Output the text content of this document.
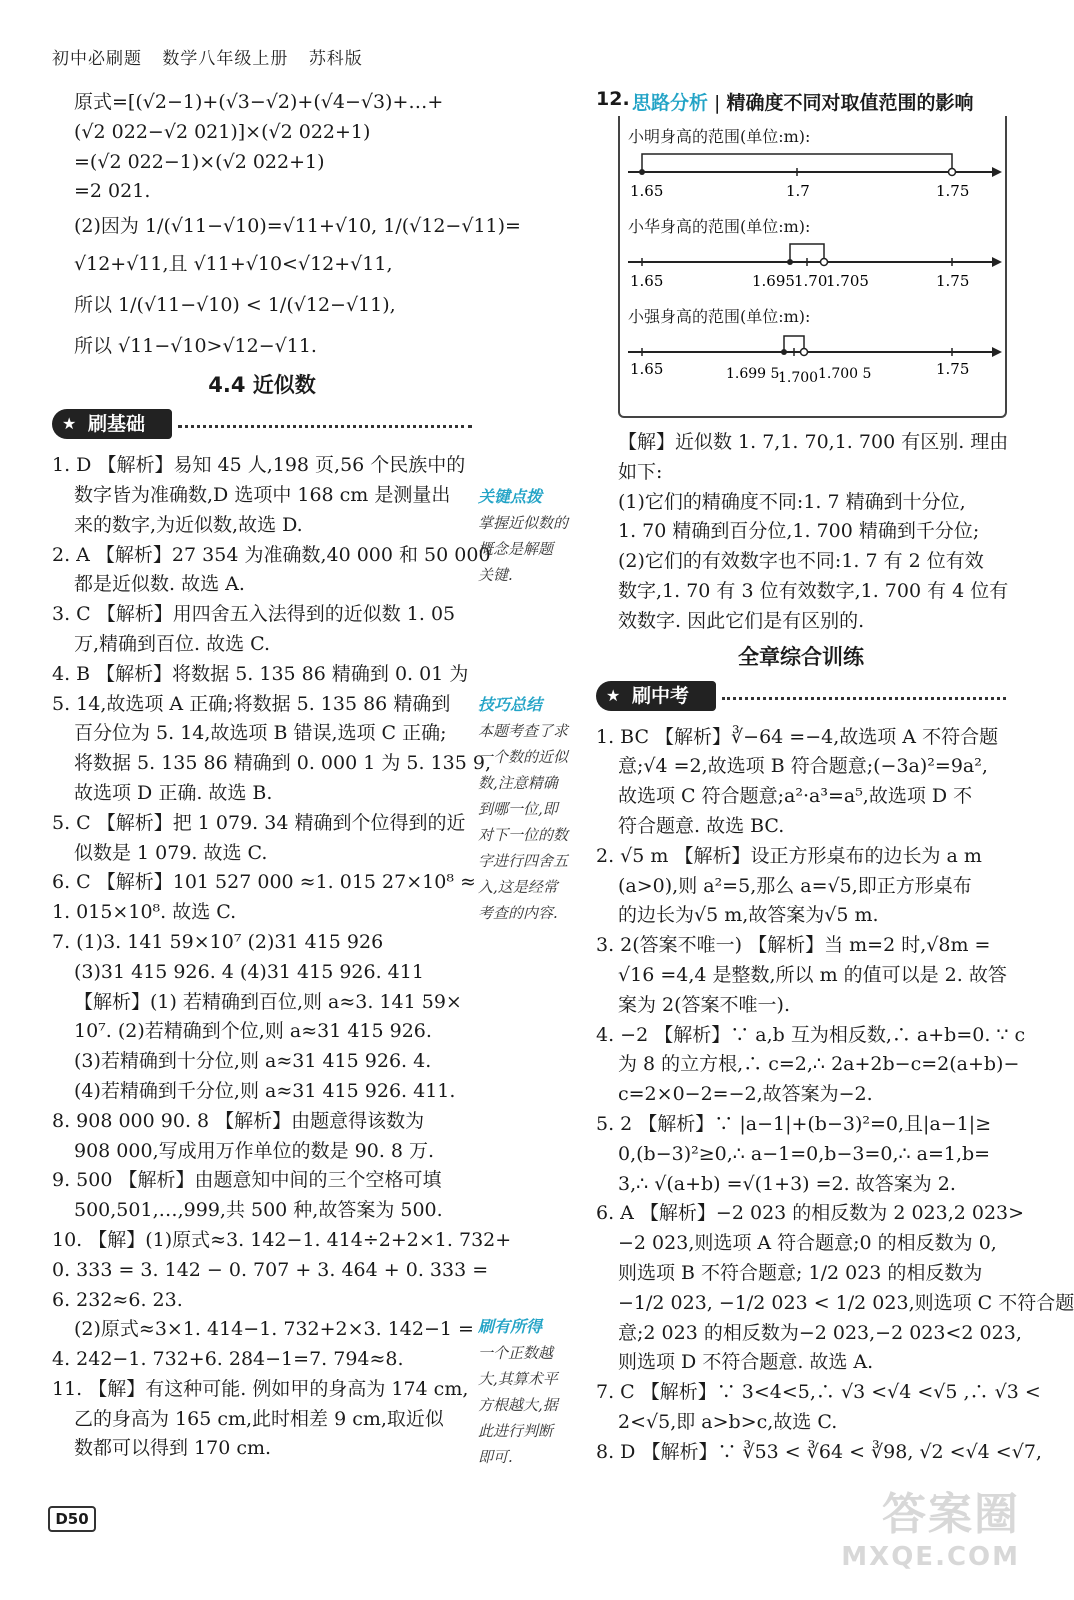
初中必刷题 数学八年级上册 苏科版
原式=[(√2−1)+(√3−√2)+(√4−√3)+…+
(√2 022−√2 021)]×(√2 022+1)
=(√2 022−1)×(√2 022+1)
=2 021.
(2)因为 1/(√11−√10)=√11+√10, 1/(√12−√11)=
√12+√11,且 √11+√10<√12+√11,
所以 1/(√11−√10) < 1/(√12−√11),
所以 √11−√10>√12−√11.
4.4 近似数
★ 刷基础
1. D 【解析】易知 45 人,198 页,56 个民族中的
数字皆为准确数,D 选项中 168 cm 是测量出
来的数字,为近似数,故选 D.
2. A 【解析】27 354 为准确数,40 000 和 50 000
都是近似数. 故选 A.
3. C 【解析】用四舍五入法得到的近似数 1. 05
万,精确到百位. 故选 C.
4. B 【解析】将数据 5. 135 86 精确到 0. 01 为
5. 14,故选项 A 正确;将数据 5. 135 86 精确到
百分位为 5. 14,故选项 B 错误,选项 C 正确;
将数据 5. 135 86 精确到 0. 000 1 为 5. 135 9,
故选项 D 正确. 故选 B.
5. C 【解析】把 1 079. 34 精确到个位得到的近
似数是 1 079. 故选 C.
6. C 【解析】101 527 000 ≈1. 015 27×10⁸ ≈
1. 015×10⁸. 故选 C.
7. (1)3. 141 59×10⁷ (2)31 415 926
(3)31 415 926. 4 (4)31 415 926. 411
【解析】(1) 若精确到百位,则 a≈3. 141 59×
10⁷. (2)若精确到个位,则 a≈31 415 926.
(3)若精确到十分位,则 a≈31 415 926. 4.
(4)若精确到千分位,则 a≈31 415 926. 411.
8. 908 000 90. 8 【解析】由题意得该数为
908 000,写成用万作单位的数是 90. 8 万.
9. 500 【解析】由题意知中间的三个空格可填
500,501,…,999,共 500 种,故答案为 500.
10. 【解】(1)原式≈3. 142−1. 414÷2+2×1. 732+
0. 333 = 3. 142 − 0. 707 + 3. 464 + 0. 333 =
6. 232≈6. 23.
(2)原式≈3×1. 414−1. 732+2×3. 142−1 =
4. 242−1. 732+6. 284−1=7. 794≈8.
11. 【解】有这种可能. 例如甲的身高为 174 cm,
乙的身高为 165 cm,此时相差 9 cm,取近似
数都可以得到 170 cm.
关键点拨
掌握近似数的
概念是解题
关键.
技巧总结
本题考查了求
一个数的近似
数,注意精确
到哪一位,即
对下一位的数
字进行四舍五
入,这是经常
考查的内容.
刷有所得
一个正数越
大,其算术平
方根越大,据
此进行判断
即可.
12. 思路分析 | 精确度不同对取值范围的影响
小明身高的范围(单位:m):
1.65	1.7	1.75
小华身高的范围(单位:m):
1.65	1.695 1.70
1.705	1.75
小强身高的范围(单位:m):
1.65	1.699 5
1.700 1.700 5	1.75
【解】近似数 1. 7,1. 70,1. 700 有区别. 理由
如下:
(1)它们的精确度不同:1. 7 精确到十分位,
1. 70 精确到百分位,1. 700 精确到千分位;
(2)它们的有效数字也不同:1. 7 有 2 位有效
数字,1. 70 有 3 位有效数字,1. 700 有 4 位有
效数字. 因此它们是有区别的.
全章综合训练
★ 刷中考
1. BC 【解析】∛−64 =−4,故选项 A 不符合题
意;√4 =2,故选项 B 符合题意;(−3a)²=9a²,
故选项 C 符合题意;a²·a³=a⁵,故选项 D 不
符合题意. 故选 BC.
2. √5 m 【解析】设正方形桌布的边长为 a m
(a>0),则 a²=5,那么 a=√5,即正方形桌布
的边长为√5 m,故答案为√5 m.
3. 2(答案不唯一) 【解析】当 m=2 时,√8m =
√16 =4,4 是整数,所以 m 的值可以是 2. 故答
案为 2(答案不唯一).
4. −2 【解析】∵ a,b 互为相反数,∴ a+b=0. ∵ c
为 8 的立方根,∴ c=2,∴ 2a+2b−c=2(a+b)−
c=2×0−2=−2,故答案为−2.
5. 2 【解析】∵ |a−1|+(b−3)²=0,且|a−1|≥
0,(b−3)²≥0,∴ a−1=0,b−3=0,∴ a=1,b=
3,∴ √(a+b) =√(1+3) =2. 故答案为 2.
6. A 【解析】−2 023 的相反数为 2 023,2 023>
−2 023,则选项 A 符合题意;0 的相反数为 0,
则选项 B 不符合题意; 1/2 023 的相反数为
−1/2 023, −1/2 023 < 1/2 023,则选项 C 不符合题
意;2 023 的相反数为−2 023,−2 023<2 023,
则选项 D 不符合题意. 故选 A.
7. C 【解析】∵ 3<4<5,∴ √3 <√4 <√5 ,∴ √3 <
2<√5,即 a>b>c,故选 C.
8. D 【解析】∵ ∛53 < ∛64 < ∛98, √2 <√4 <√7,
D50	答案圈
MXQE.COM
